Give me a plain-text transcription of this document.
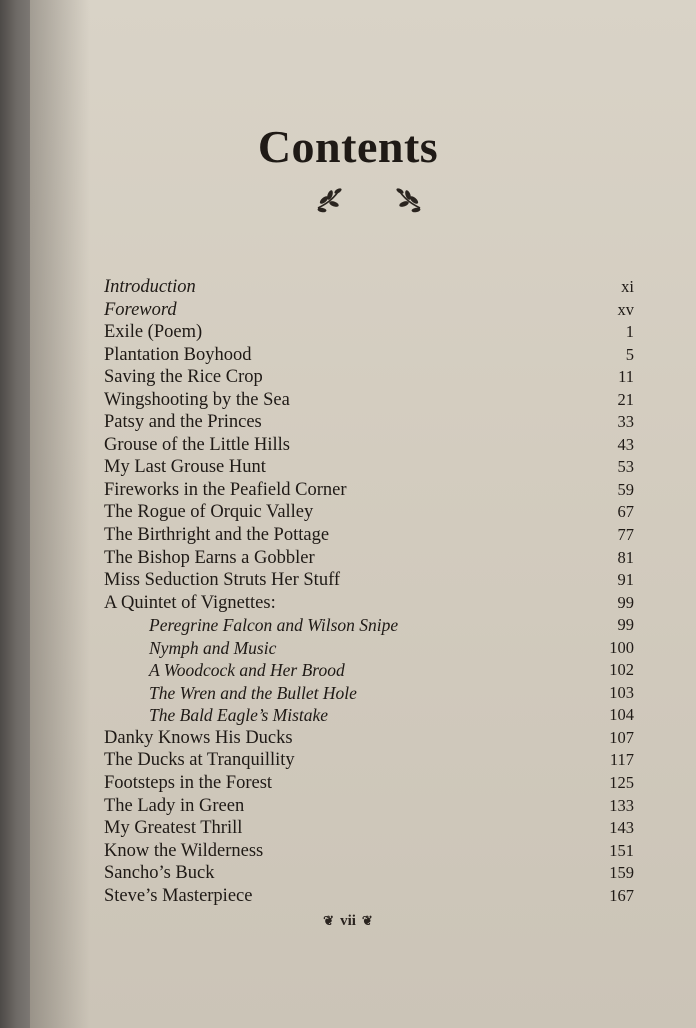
Contents
Introduction	xi
Foreword	xv
Exile (Poem)	1
Plantation Boyhood	5
Saving the Rice Crop	11
Wingshooting by the Sea	21
Patsy and the Princes	33
Grouse of the Little Hills	43
My Last Grouse Hunt	53
Fireworks in the Peafield Corner	59
The Rogue of Orquic Valley	67
The Birthright and the Pottage	77
The Bishop Earns a Gobbler	81
Miss Seduction Struts Her Stuff	91
A Quintet of Vignettes:	99
Peregrine Falcon and Wilson Snipe	99
Nymph and Music	100
A Woodcock and Her Brood	102
The Wren and the Bullet Hole	103
The Bald Eagle’s Mistake	104
Danky Knows His Ducks	107
The Ducks at Tranquillity	117
Footsteps in the Forest	125
The Lady in Green	133
My Greatest Thrill	143
Know the Wilderness	151
Sancho’s Buck	159
Steve’s Masterpiece	167
❦ vii ❦
